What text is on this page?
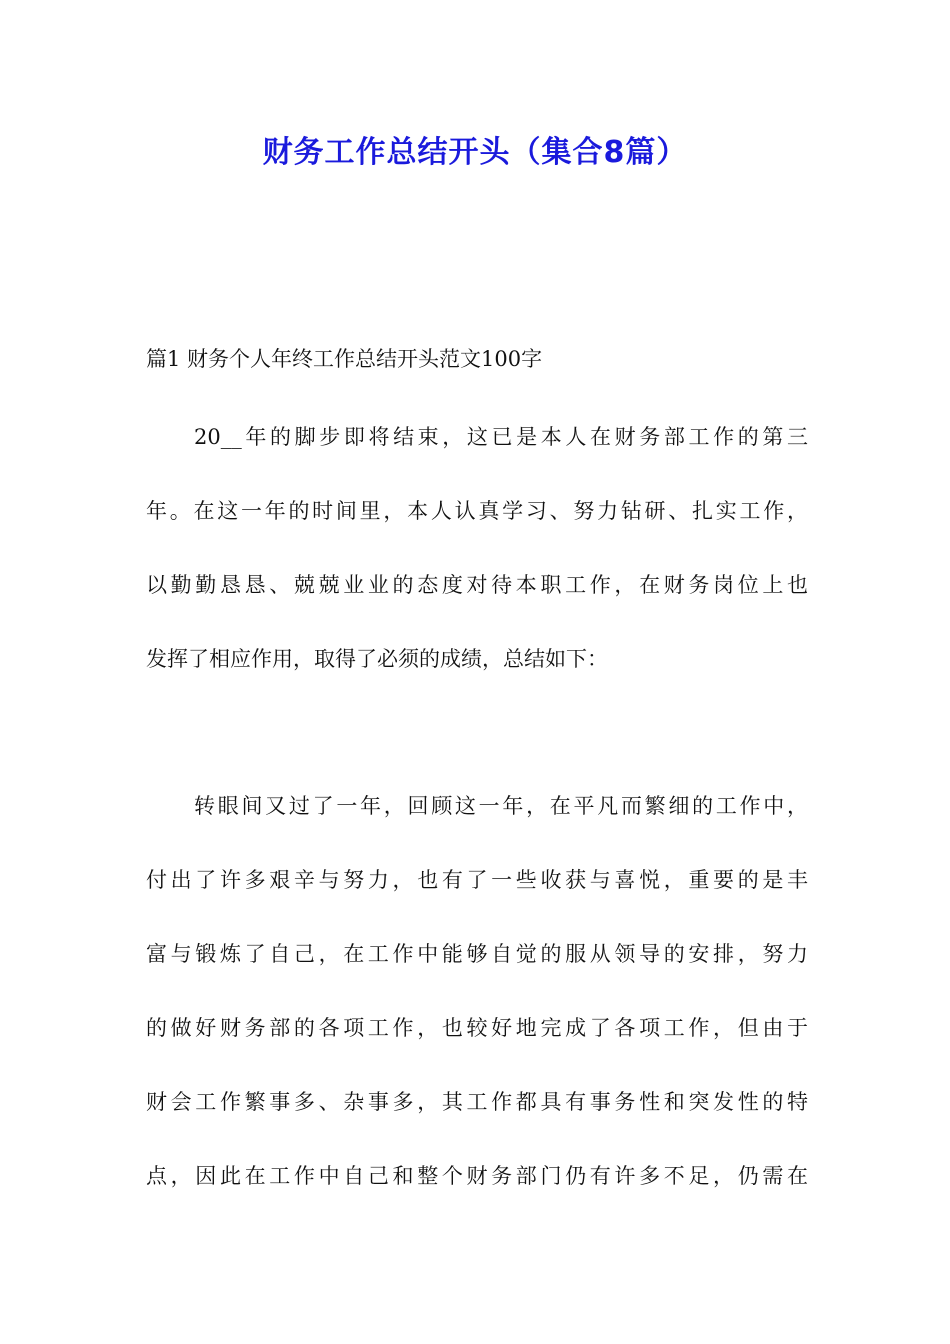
财务工作总结开头（集合8篇）
篇1 财务个人年终工作总结开头范文100字
20__年的脚步即将结束，这已是本人在财务部工作的第三
年。在这一年的时间里，本人认真学习、努力钻研、扎实工作，
以勤勤恳恳、兢兢业业的态度对待本职工作，在财务岗位上也
发挥了相应作用，取得了必须的成绩，总结如下：
转眼间又过了一年，回顾这一年，在平凡而繁细的工作中，
付出了许多艰辛与努力，也有了一些收获与喜悦，重要的是丰
富与锻炼了自己，在工作中能够自觉的服从领导的安排，努力
的做好财务部的各项工作，也较好地完成了各项工作，但由于
财会工作繁事多、杂事多，其工作都具有事务性和突发性的特
点，因此在工作中自己和整个财务部门仍有许多不足，仍需在
